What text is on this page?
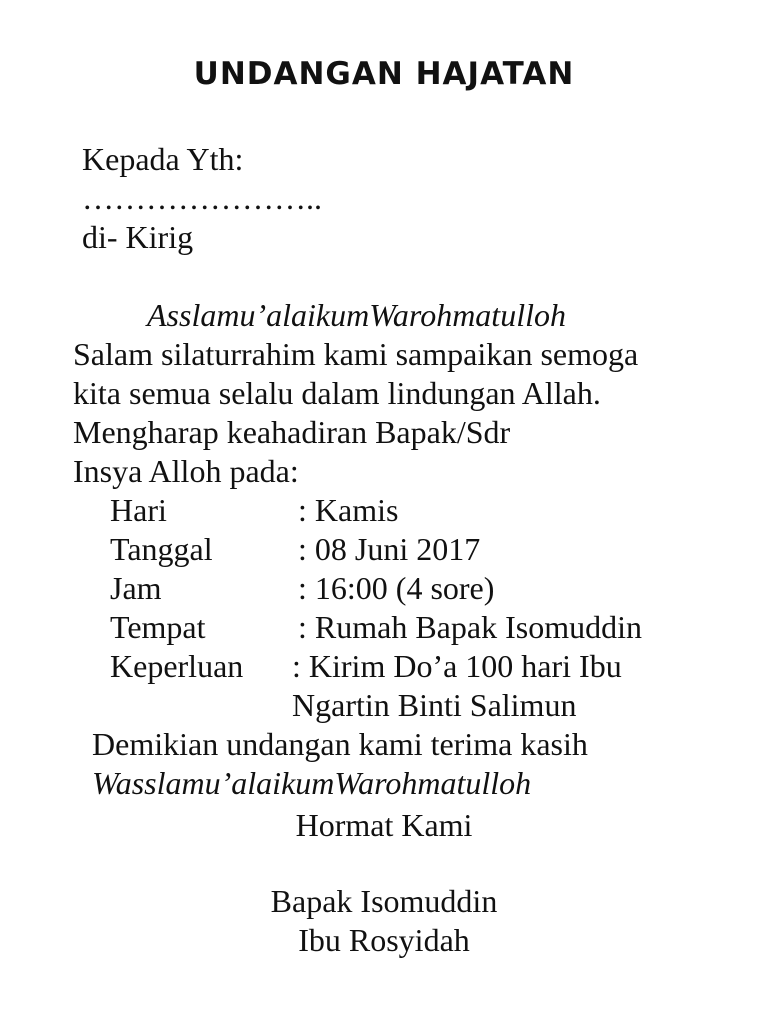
UNDANGAN HAJATAN
Kepada Yth:
…………………..
di- Kirig
Asslamu’alaikumWarohmatulloh
Salam silaturrahim kami sampaikan semoga
kita semua selalu dalam lindungan Allah.
Mengharap keahadiran Bapak/Sdr
Insya Alloh pada:
Hari	: Kamis
Tanggal	: 08 Juni 2017
Jam	: 16:00 (4 sore)
Tempat	: Rumah Bapak Isomuddin
Keperluan : Kirim Do’a 100 hari Ibu
Ngartin Binti Salimun
Demikian undangan kami terima kasih
Wasslamu’alaikumWarohmatulloh
Hormat Kami
Bapak Isomuddin
Ibu Rosyidah
